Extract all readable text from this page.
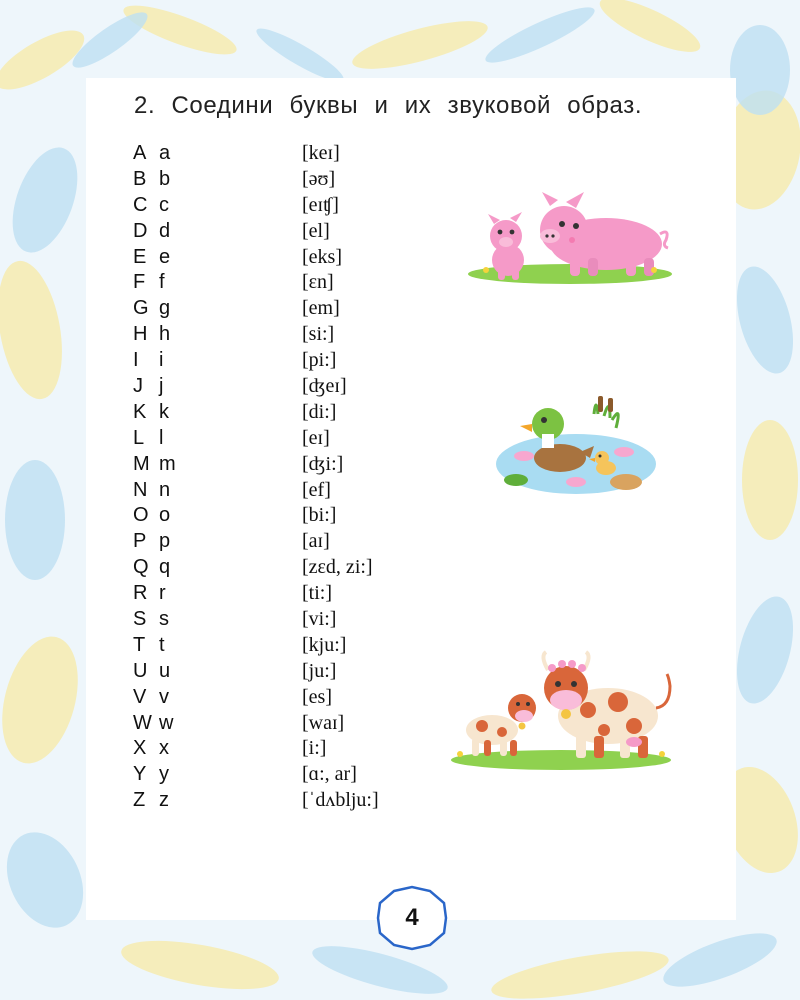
2. Соедини буквы и их звуковой образ.
A a
B b
C c
D d
E e
F f
G g
H h
I i
J j
K k
L l
M m
N n
O o
P p
Q q
R r
S s
T t
U u
V v
W w
X x
Y y
Z z
[keɪ]
[əʊ]
[eɪʧ]
[el]
[eks]
[ɛn]
[em]
[si:]
[pi:]
[ʤeɪ]
[di:]
[eɪ]
[ʤi:]
[ef]
[bi:]
[aɪ]
[zɛd, zi:]
[ti:]
[vi:]
[kju:]
[ju:]
[es]
[waɪ]
[i:]
[ɑ:, ar]
[ˈdʌblju:]
4
